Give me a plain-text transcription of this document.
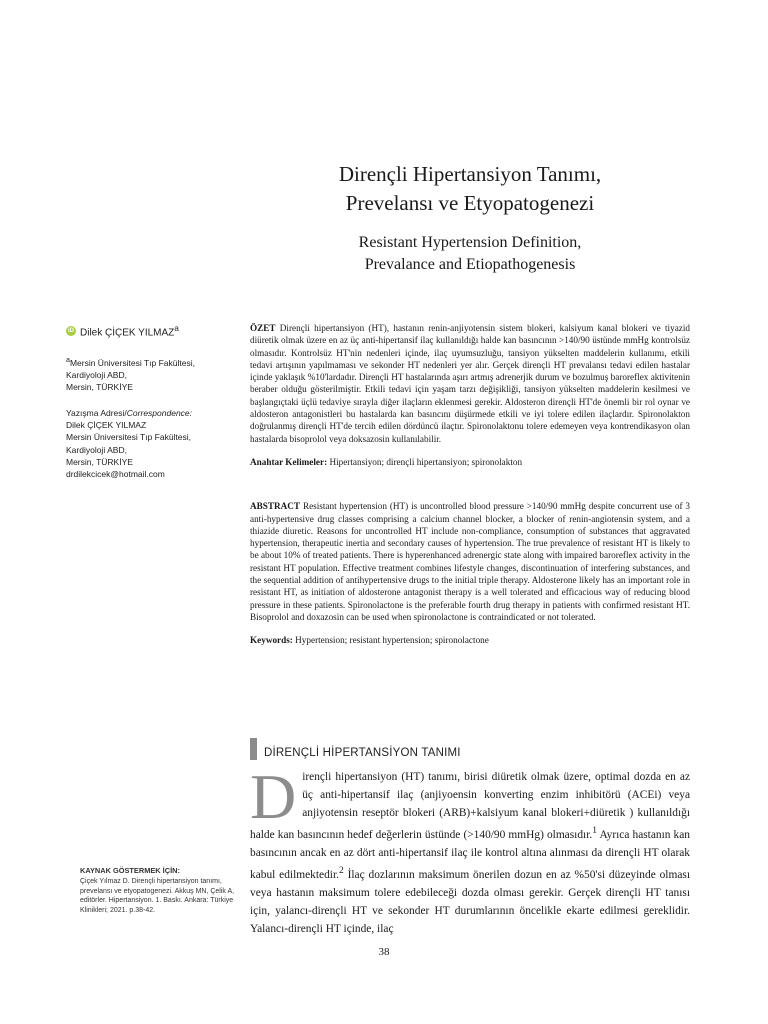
Dirençli Hipertansiyon Tanımı,
Prevelansı ve Etyopatogenezi
Resistant Hypertension Definition,
Prevalance and Etiopathogenesis
iD Dilek ÇİÇEK YILMAZ$^a$
$^a$Mersin Üniversitesi Tıp Fakültesi,
Kardiyoloji ABD,
Mersin, TÜRKİYE
Yazışma Adresi/Correspondence:
Dilek ÇİÇEK YILMAZ
Mersin Üniversitesi Tıp Fakültesi,
Kardiyoloji ABD,
Mersin, TÜRKİYE
drdilekcicek@hotmail.com

ÖZET Dirençli hipertansiyon (HT), hastanın renin-anjiyotensin sistem blokeri, kalsiyum kanal blokeri ve tiyazid diüretik olmak üzere en az üç anti-hipertansif ilaç kullanıldığı halde kan basıncının >140/90 üstünde mmHg kontrolsüz olmasıdır. Kontrolsüz HT'nin nedenleri içinde, ilaç uyumsuzluğu, tansiyon yükselten maddelerin kullanımı, etkili tedavi artışının yapılmaması ve sekonder HT nedenleri yer alır. Gerçek dirençli HT prevalansı tedavi edilen hastalar içinde yaklaşık %10'lardadır. Dirençli HT hastalarında aşırı artmış adrenerjik durum ve bozulmuş baroreflex aktivitenin beraber olduğu gösterilmiştir. Etkili tedavi için yaşam tarzı değişikliği, tansiyon yükselten maddelerin kesilmesi ve başlangıçtaki üçlü tedaviye sırayla diğer ilaçların eklenmesi gerekir. Aldosteron dirençli HT'de önemli bir rol oynar ve aldosteron antagonistleri bu hastalarda kan basıncını düşürmede etkili ve iyi tolere edilen ilaçlardır. Spironolakton doğrulanmış dirençli HT'de tercih edilen dördüncü ilaçtır. Spironolaktonu tolere edemeyen veya kontrendikasyon olan hastalarda bisoprolol veya doksazosin kullanılabilir.

Anahtar Kelimeler: Hipertansiyon; dirençli hipertansiyon; spironolakton

ABSTRACT Resistant hypertension (HT) is uncontrolled blood pressure >140/90 mmHg despite concurrent use of 3 anti-hypertensive drug classes comprising a calcium channel blocker, a blocker of renin-angiotensin system, and a thiazide diuretic. Reasons for uncontrolled HT include non-compliance, consumption of substances that aggravated hypertension, therapeutic inertia and secondary causes of hypertension. The true prevalence of resistant HT is likely to be about 10% of treated patients. There is hyperenhanced adrenergic state along with impaired baroreflex activity in the resistant HT population. Effective treatment combines lifestyle changes, discontinuation of interfering substances, and the sequential addition of antihypertensive drugs to the initial triple therapy. Aldosterone likely has an important role in resistant HT, as initiation of aldosterone antagonist therapy is a well tolerated and efficacious way of reducing blood pressure in these patients. Spironolactone is the preferable fourth drug therapy in patients with confirmed resistant HT. Bisoprolol and doxazosin can be used when spironolactone is contraindicated or not tolerated.

Keywords: Hypertension; resistant hypertension; spironolactone

DİRENÇLİ HİPERTANSİYON TANIMI
Dirençli hipertansiyon (HT) tanımı, birisi diüretik olmak üzere, optimal dozda en az üç anti-hipertansif ilaç (anjiyoensin konverting enzim inhibitörü (ACEi) veya anjiyotensin reseptör blokeri (ARB)+kalsiyum kanal blokeri+diüretik ) kullanıldığı halde kan basıncının hedef değerlerin üstünde (>140/90 mmHg) olmasıdır.$^1$ Ayrıca hastanın kan basıncının ancak en az dört anti-hipertansif ilaç ile kontrol altına alınması da dirençli HT olarak kabul edilmektedir.$^2$ İlaç dozlarının maksimum önerilen dozun en az %50'si düzeyinde olması veya hastanın maksimum tolere edebileceği dozda olması gerekir. Gerçek dirençli HT tanısı için, yalancı-dirençli HT ve sekonder HT durumlarının öncelikle ekarte edilmesi gereklidir. Yalancı-dirençli HT içinde, ilaç
KAYNAK GÖSTERMEK İÇİN:
Çiçek Yılmaz D. Dirençli hipertansiyon tanımı, prevelansı ve etyopatogenezi. Akkuş MN, Çelik A, editörler. Hipertansiyon. 1. Baskı. Ankara: Türkiye Klinikleri; 2021. p.38-42.
38
